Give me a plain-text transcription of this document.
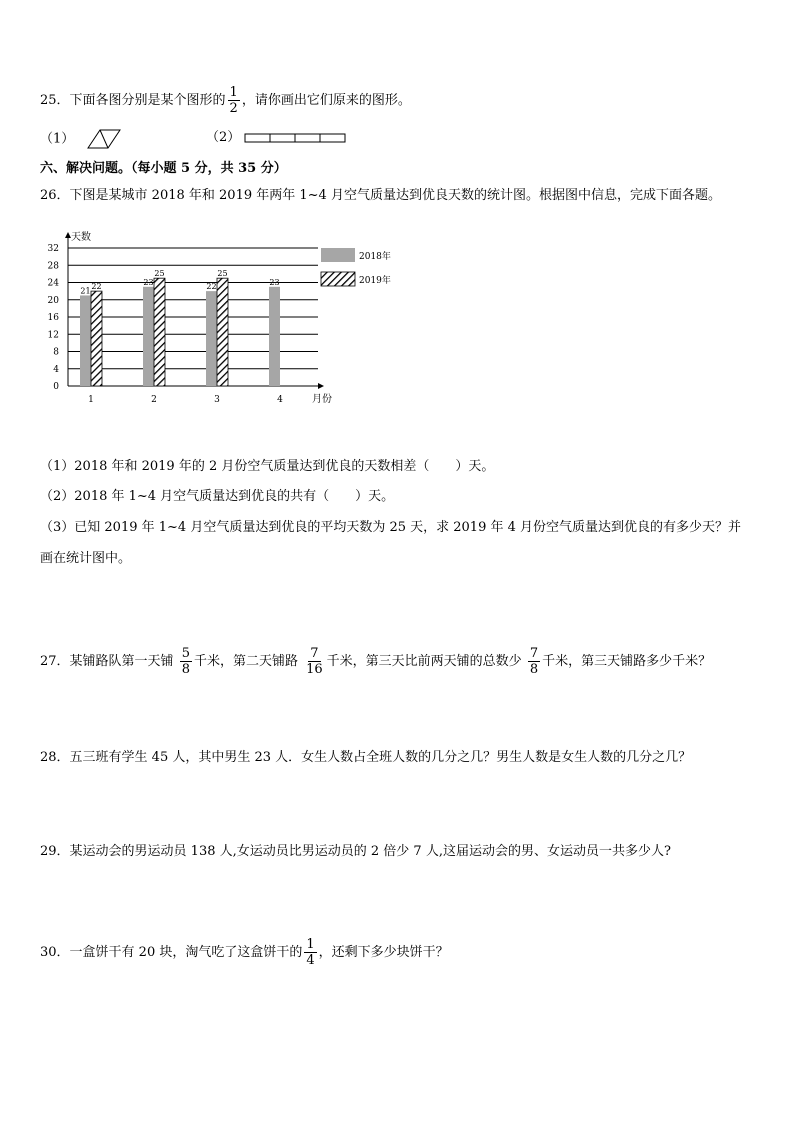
25．下面各图分别是某个图形的 $\frac{1}{2}$ ，请你画出它们原来的图形。
（1）	（2）
六、解决问题。（每小题 5 分，共 35 分）
26．下图是某城市 2018 年和 2019 年两年 1~4 月空气质量达到优良天数的统计图。根据图中信息，完成下面各题。
0
4
8
12
16
20
24
28
32
21 22	23
25
22
25
23
1	2	3	4
天数
月份
2018年
2019年
（1）2018 年和 2019 年的 2 月份空气质量达到优良的天数相差（　　）天。
（2）2018 年 1~4 月空气质量达到优良的共有（　　）天。
（3）已知 2019 年 1~4 月空气质量达到优良的平均天数为 25 天，求 2019 年 4 月份空气质量达到优良的有多少天？并
画在统计图中。
27．某铺路队第一天铺 $\frac{5}{8}$ 千米，第二天铺路 $\frac{7}{16}$ 千米，第三天比前两天铺的总数少 $\frac{7}{8}$ 千米，第三天铺路多少千米？
28．五三班有学生 45 人，其中男生 23 人．女生人数占全班人数的几分之几？男生人数是女生人数的几分之几？
29．某运动会的男运动员 138 人,女运动员比男运动员的 2 倍少 7 人,这届运动会的男、女运动员一共多少人?
30．一盒饼干有 20 块，淘气吃了这盒饼干的 $\frac{1}{4}$ ，还剩下多少块饼干？
